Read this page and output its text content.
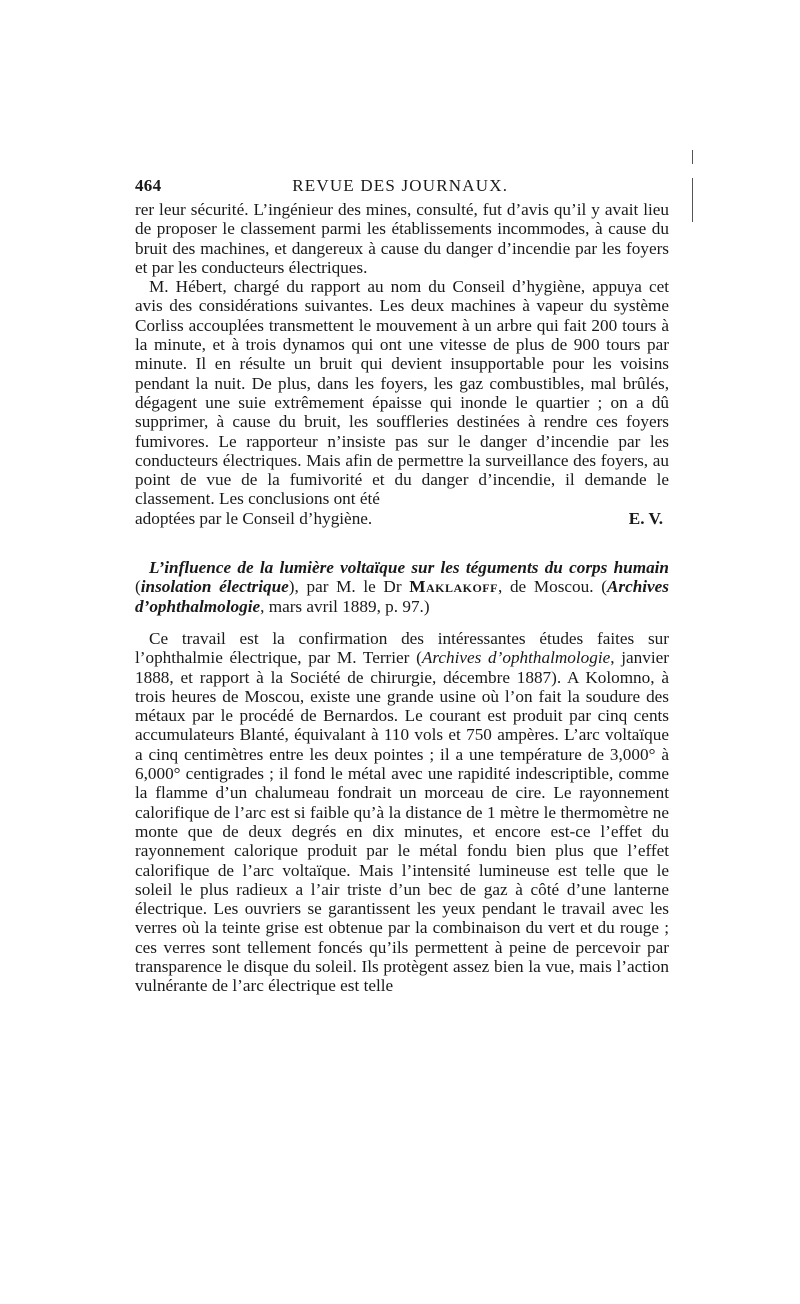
464	REVUE DES JOURNAUX.

rer leur sécurité. L’ingénieur des mines, consulté, fut d’avis qu’il y avait lieu de proposer le classement parmi les établissements incommodes, à cause du bruit des machines, et dangereux à cause du danger d’incendie par les foyers et par les conducteurs électriques.

M. Hébert, chargé du rapport au nom du Conseil d’hygiène, appuya cet avis des considérations suivantes. Les deux machines à vapeur du système Corliss accouplées transmettent le mouvement à un arbre qui fait 200 tours à la minute, et à trois dynamos qui ont une vitesse de plus de 900 tours par minute. Il en résulte un bruit qui devient insupportable pour les voisins pendant la nuit. De plus, dans les foyers, les gaz combustibles, mal brûlés, dégagent une suie extrêmement épaisse qui inonde le quartier ; on a dû supprimer, à cause du bruit, les souffleries destinées à rendre ces foyers fumivores. Le rapporteur n’insiste pas sur le danger d’incendie par les conducteurs électriques. Mais afin de permettre la surveillance des foyers, au point de vue de la fumivorité et du danger d’incendie, il demande le classement. Les conclusions ont été

adoptées par le Conseil d’hygiène.	E. V.

L’influence de la lumière voltaïque sur les téguments du corps humain (insolation électrique), par M. le Dr Maklakoff, de Moscou. (Archives d’ophthalmologie, mars avril 1889, p. 97.)

Ce travail est la confirmation des intéressantes études faites sur l’ophthalmie électrique, par M. Terrier (Archives d’ophthalmologie, janvier 1888, et rapport à la Société de chirurgie, décembre 1887). A Kolomno, à trois heures de Moscou, existe une grande usine où l’on fait la soudure des métaux par le procédé de Bernardos. Le courant est produit par cinq cents accumulateurs Blanté, équivalant à 110 vols et 750 ampères. L’arc voltaïque a cinq centimètres entre les deux pointes ; il a une température de 3,000° à 6,000° centigrades ; il fond le métal avec une rapidité indescriptible, comme la flamme d’un chalumeau fondrait un morceau de cire. Le rayonnement calorifique de l’arc est si faible qu’à la distance de 1 mètre le thermomètre ne monte que de deux degrés en dix minutes, et encore est-ce l’effet du rayonnement calorique produit par le métal fondu bien plus que l’effet calorifique de l’arc voltaïque. Mais l’intensité lumineuse est telle que le soleil le plus radieux a l’air triste d’un bec de gaz à côté d’une lanterne électrique. Les ouvriers se garantissent les yeux pendant le travail avec les verres où la teinte grise est obtenue par la combinaison du vert et du rouge ; ces verres sont tellement foncés qu’ils permettent à peine de percevoir par transparence le disque du soleil. Ils protègent assez bien la vue, mais l’action vulnérante de l’arc électrique est telle
